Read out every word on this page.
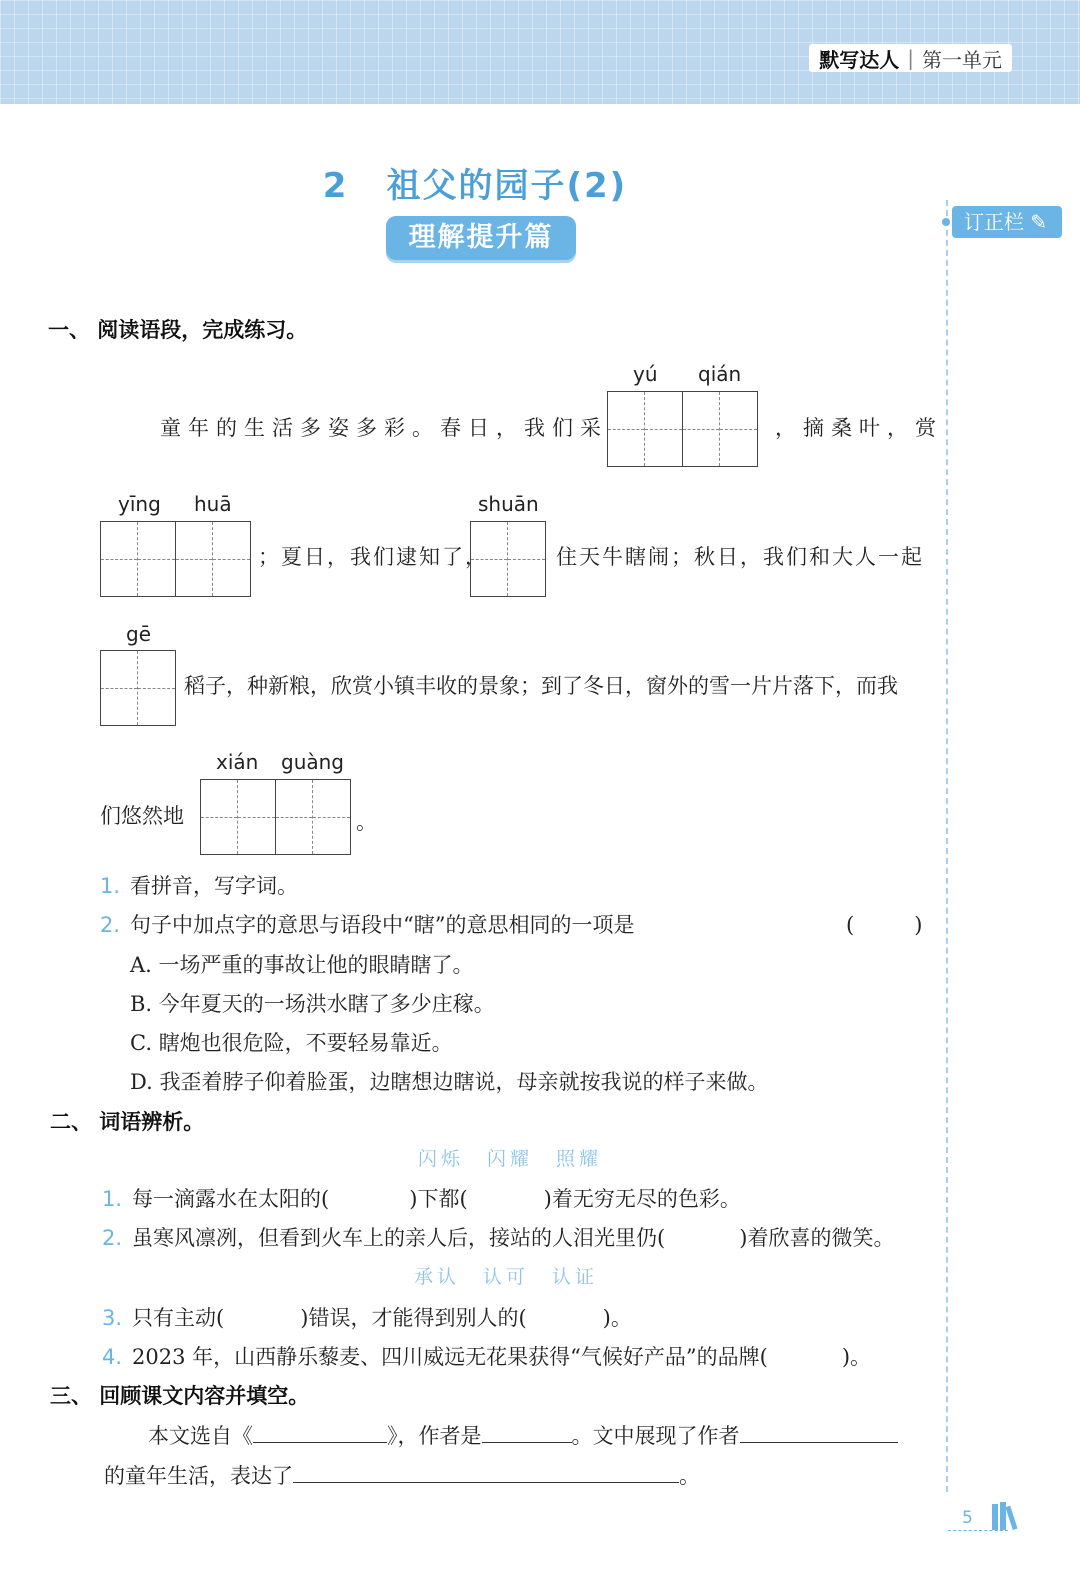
默写达人 | 第一单元
2 祖父的园子(2)
理解提升篇	订正栏 ✎
一、 阅读语段，完成练习。
yú qián
童年的生活多姿多彩。春日，我们采	，摘桑叶，赏
yīng huā	shuān
；夏日，我们逮知了，	住天牛瞎闹；秋日，我们和大人一起
gē
稻子，种新粮，欣赏小镇丰收的景象；到了冬日，窗外的雪一片片落下，而我
xián guàng
们悠然地	。
1. 看拼音，写字词。
2. 句子中加点字的意思与语段中“瞎”的意思相同的一项是	(　　)
A. 一场严重的事故让他的眼睛瞎了。
B. 今年夏天的一场洪水瞎了多少庄稼。
C. 瞎炮也很危险，不要轻易靠近。
D. 我歪着脖子仰着脸蛋，边瞎想边瞎说，母亲就按我说的样子来做。
二、 词语辨析。
闪烁　闪耀　照耀
1. 每一滴露水在太阳的(	)下都(	)着无穷无尽的色彩。
2. 虽寒风凛冽，但看到火车上的亲人后，接站的人泪光里仍(	)着欣喜的微笑。
承认　认可　认证
3. 只有主动(	)错误，才能得到别人的(	)。
4. 2023 年，山西静乐藜麦、四川威远无花果获得“气候好产品”的品牌(	)。
三、 回顾课文内容并填空。
本文选自《	》，作者是	。文中展现了作者
的童年生活，表达了	。
5
